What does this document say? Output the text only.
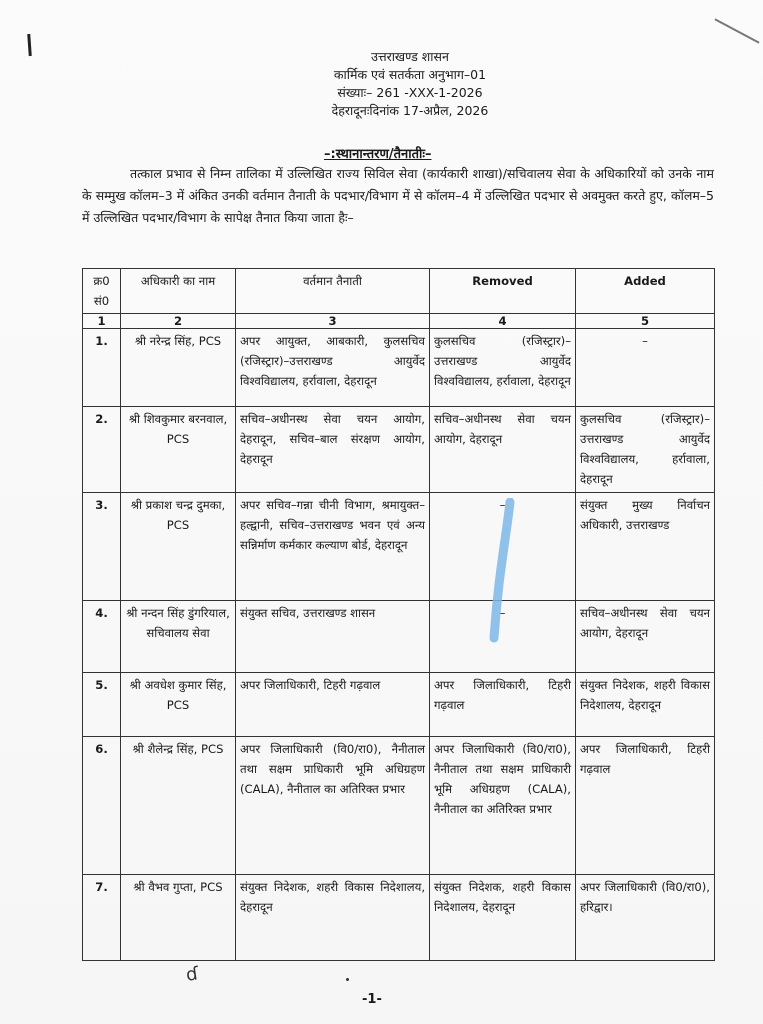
उत्तराखण्ड शासन
कार्मिक एवं सतर्कता अनुभाग–01
संख्याः– 261 -XXX-1-2026
देहरादूनःदिनांक 17-अप्रैल, 2026
–:स्थानान्तरण/तैनातीः–
तत्काल प्रभाव से निम्न तालिका में उल्लिखित राज्य सिविल सेवा (कार्यकारी शाखा)/सचिवालय सेवा के अधिकारियों को उनके नाम के सम्मुख कॉलम–3 में अंकित उनकी वर्तमान तैनाती के पदभार/विभाग में से कॉलम–4 में उल्लिखित पदभार से अवमुक्त करते हुए, कॉलम–5 में उल्लिखित पदभार/विभाग के सापेक्ष तैनात किया जाता हैः–
क्र0 सं0	अधिकारी का नाम	वर्तमान तैनाती	Removed	Added
1	2	3	4	5
1.	श्री नरेन्द्र सिंह, PCS	अपर आयुक्त, आबकारी, कुलसचिव (रजिस्ट्रार)–उत्तराखण्ड आयुर्वेद विश्वविद्यालय, हर्रावाला, देहरादून	कुलसचिव (रजिस्ट्रार)– उत्तराखण्ड आयुर्वेद विश्वविद्यालय, हर्रावाला, देहरादून	–
2.	श्री शिवकुमार बरनवाल, PCS	सचिव–अधीनस्थ सेवा चयन आयोग, देहरादून, सचिव–बाल संरक्षण आयोग, देहरादून	सचिव–अधीनस्थ सेवा चयन आयोग, देहरादून	कुलसचिव (रजिस्ट्रार)– उत्तराखण्ड आयुर्वेद विश्वविद्यालय, हर्रावाला, देहरादून
3.	श्री प्रकाश चन्द्र दुमका, PCS	अपर सचिव–गन्ना चीनी विभाग, श्रमायुक्त–हल्द्वानी, सचिव–उत्तराखण्ड भवन एवं अन्य सन्निर्माण कर्मकार कल्याण बोर्ड, देहरादून	–	संयुक्त मुख्य निर्वाचन अधिकारी, उत्तराखण्ड
4.	श्री नन्दन सिंह डुंगरियाल, सचिवालय सेवा	संयुक्त सचिव, उत्तराखण्ड शासन	–	सचिव–अधीनस्थ सेवा चयन आयोग, देहरादून
5.	श्री अवधेश कुमार सिंह, PCS	अपर जिलाधिकारी, टिहरी गढ़वाल	अपर जिलाधिकारी, टिहरी गढ़वाल	संयुक्त निदेशक, शहरी विकास निदेशालय, देहरादून
6.	श्री शैलेन्द्र सिंह, PCS	अपर जिलाधिकारी (वि0/रा0), नैनीताल तथा सक्षम प्राधिकारी भूमि अधिग्रहण (CALA), नैनीताल का अतिरिक्त प्रभार	अपर जिलाधिकारी (वि0/रा0), नैनीताल तथा सक्षम प्राधिकारी भूमि अधिग्रहण (CALA), नैनीताल का अतिरिक्त प्रभार	अपर जिलाधिकारी, टिहरी गढ़वाल
7.	श्री वैभव गुप्ता, PCS	संयुक्त निदेशक, शहरी विकास निदेशालय, देहरादून	संयुक्त निदेशक, शहरी विकास निदेशालय, देहरादून	अपर जिलाधिकारी (वि0/रा0), हरिद्वार।
ɗ
-1-
